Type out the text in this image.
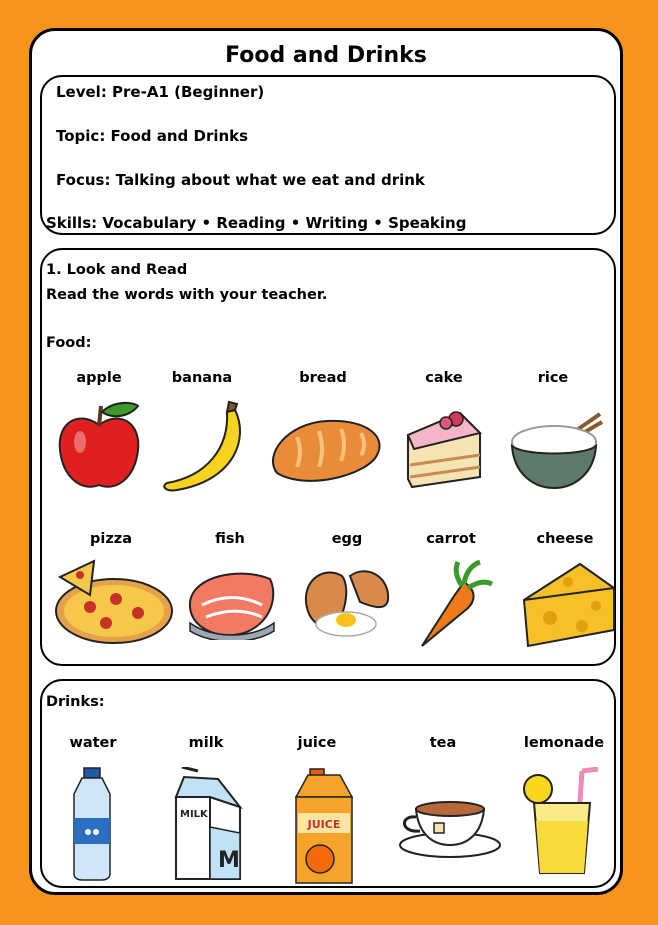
Food and Drinks
Level: Pre-A1 (Beginner)
Topic: Food and Drinks
Focus: Talking about what we eat and drink
Skills: Vocabulary • Reading • Writing • Speaking
1. Look and Read
Read the words with your teacher.
Food:
apple	banana	bread	cake	rice
pizza	fish	egg	carrot	cheese
Drinks:
water	milk	juice	tea	lemonade
MILK
M
JUICE
